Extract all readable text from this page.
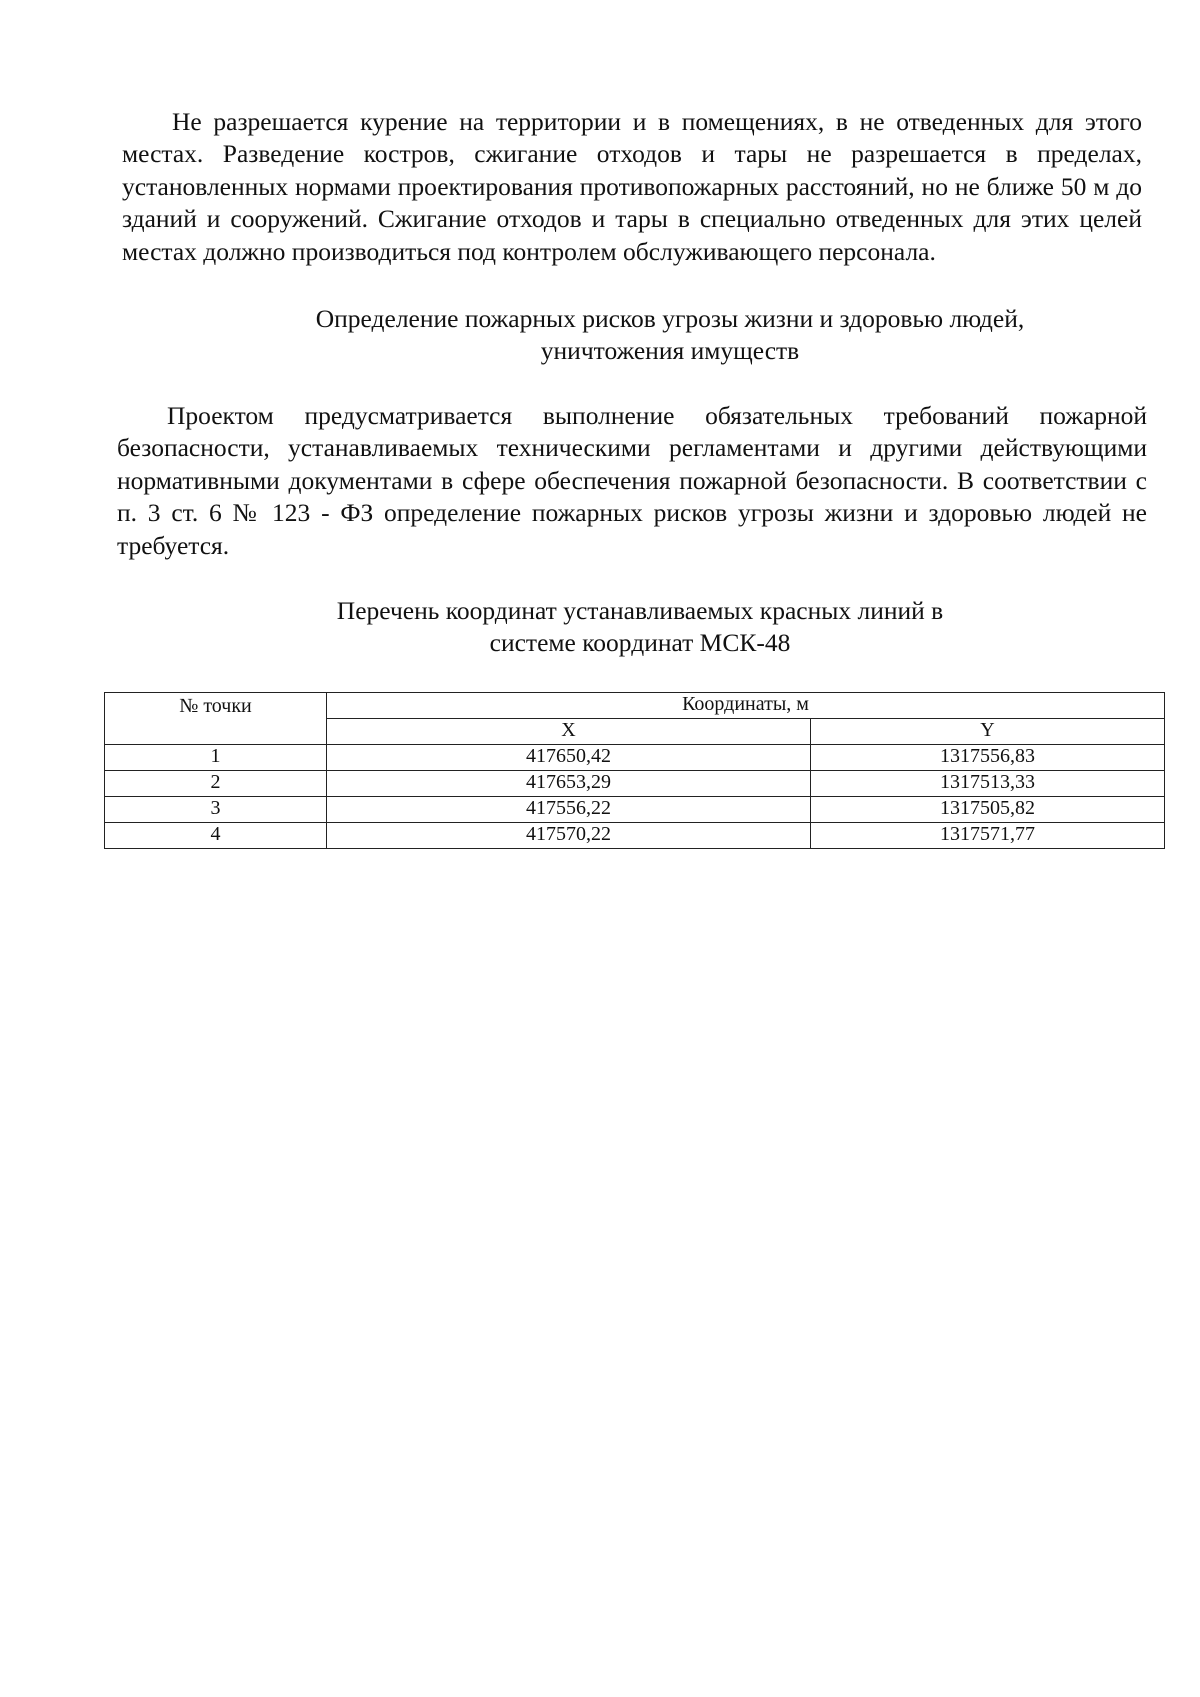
Не разрешается курение на территории и в помещениях, в не отведенных для этого местах. Разведение костров, сжигание отходов и тары не разрешается в пределах, установленных нормами проектирования противопожарных расстояний, но не ближе 50 м до зданий и сооружений. Сжигание отходов и тары в специально отведенных для этих целей местах должно производиться под контролем обслуживающего персонала.

Определение пожарных рисков угрозы жизни и здоровью людей,
уничтожения имуществ

Проектом предусматривается выполнение обязательных требований пожарной безопасности, устанавливаемых техническими регламентами и другими действующими нормативными документами в сфере обеспечения пожарной безопасности. В соответствии с п. 3 ст. 6 № 123 - ФЗ определение пожарных рисков угрозы жизни и здоровью людей не требуется.

Перечень координат устанавливаемых красных линий в
системе координат МСК-48
№ точки	Координаты, м	
	X	Y
1	417650,42	1317556,83
2	417653,29	1317513,33
3	417556,22	1317505,82
4	417570,22	1317571,77
